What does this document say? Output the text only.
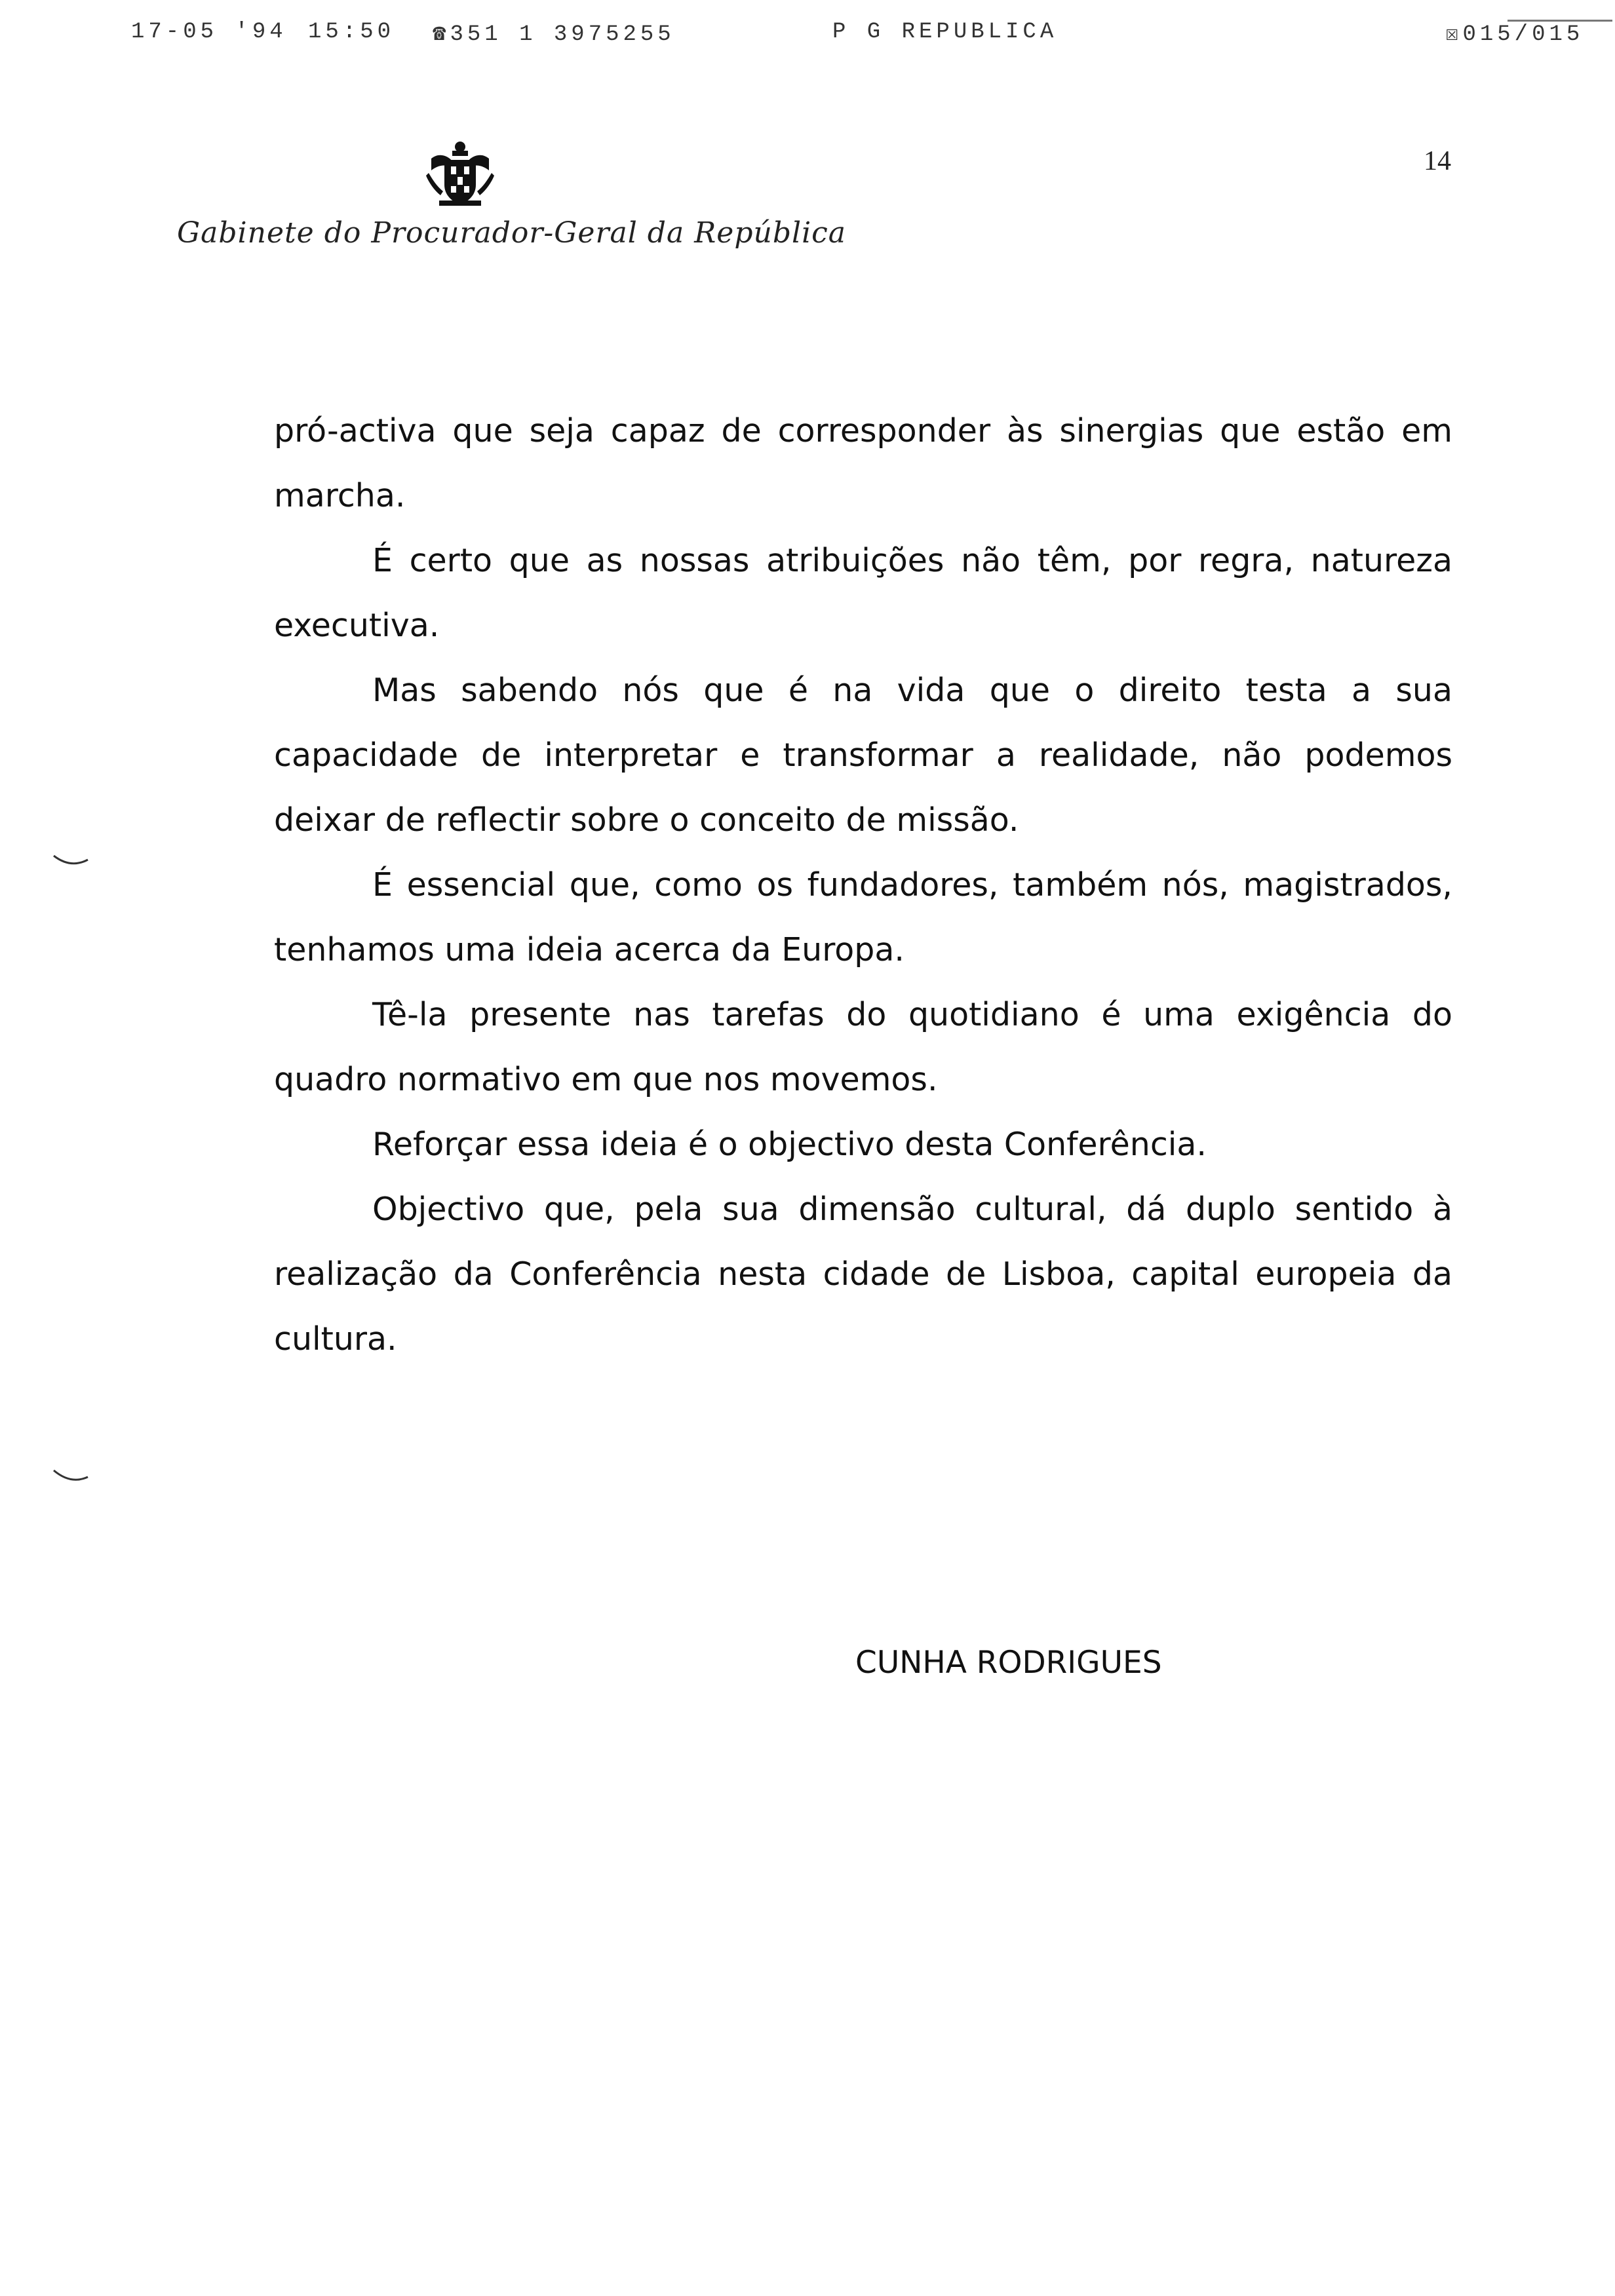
17-05 '94 15:50 ☎351 1 3975255	P G REPUBLICA	☒015/015
14
Gabinete do Procurador-Geral da República

pró-activa que seja capaz de corresponder às sinergias que estão em marcha.

É certo que as nossas atribuições não têm, por regra, natureza executiva.

Mas sabendo nós que é na vida que o direito testa a sua capacidade de interpretar e transformar a realidade, não podemos deixar de reflectir sobre o conceito de missão.

É essencial que, como os fundadores, também nós, magistrados, tenhamos uma ideia acerca da Europa.

Tê-la presente nas tarefas do quotidiano é uma exigência do quadro normativo em que nos movemos.

Reforçar essa ideia é o objectivo desta Conferência.

Objectivo que, pela sua dimensão cultural, dá duplo sentido à realização da Conferência nesta cidade de Lisboa, capital europeia da cultura.

CUNHA RODRIGUES
